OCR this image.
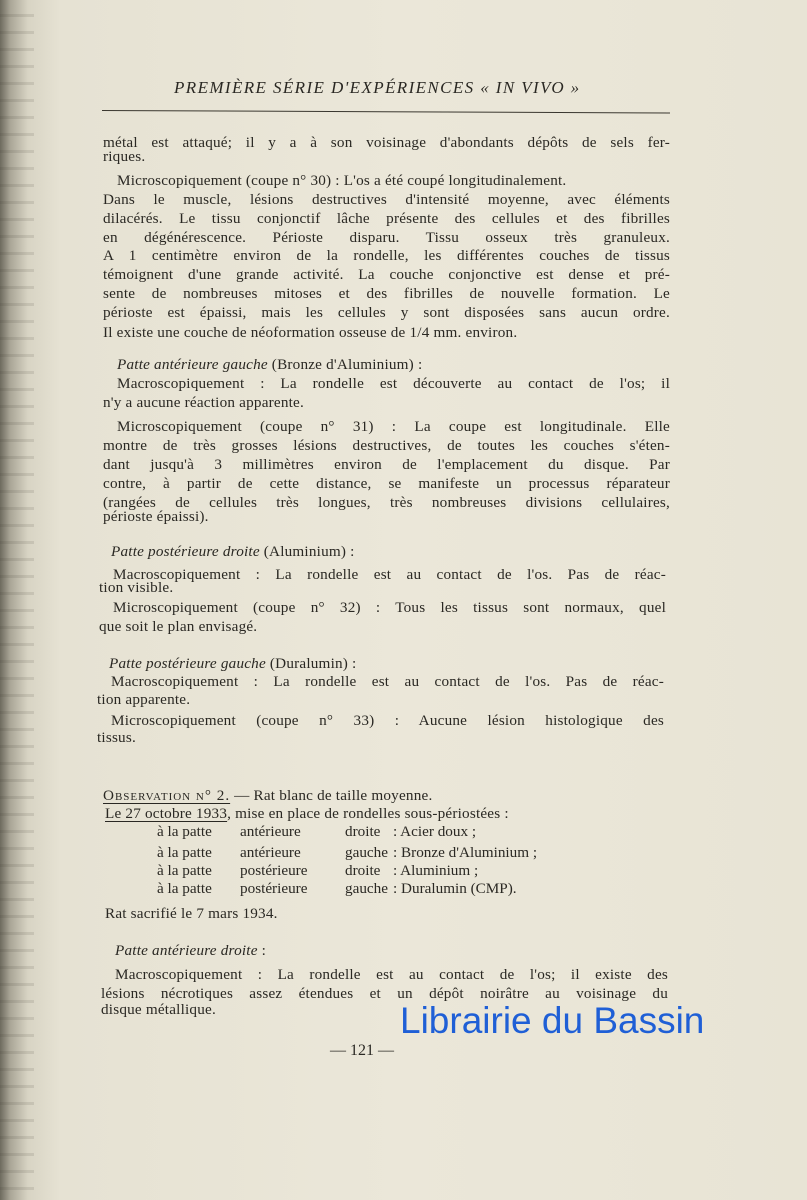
PREMIÈRE SÉRIE D'EXPÉRIENCES « IN VIVO »
métal est attaqué; il y a à son voisinage d'abondants dépôts de sels fer-
riques.
Microscopiquement (coupe n° 30) : L'os a été coupé longitudinalement.
Dans le muscle, lésions destructives d'intensité moyenne, avec éléments
dilacérés. Le tissu conjonctif lâche présente des cellules et des fibrilles
en dégénérescence. Périoste disparu. Tissu osseux très granuleux.
A 1 centimètre environ de la rondelle, les différentes couches de tissus
témoignent d'une grande activité. La couche conjonctive est dense et pré-
sente de nombreuses mitoses et des fibrilles de nouvelle formation. Le
périoste est épaissi, mais les cellules y sont disposées sans aucun ordre.
Il existe une couche de néoformation osseuse de 1/4 mm. environ.
Patte antérieure gauche (Bronze d'Aluminium) :
Macroscopiquement : La rondelle est découverte au contact de l'os; il
n'y a aucune réaction apparente.
Microscopiquement (coupe n° 31) : La coupe est longitudinale. Elle
montre de très grosses lésions destructives, de toutes les couches s'éten-
dant jusqu'à 3 millimètres environ de l'emplacement du disque. Par
contre, à partir de cette distance, se manifeste un processus réparateur
(rangées de cellules très longues, très nombreuses divisions cellulaires,
périoste épaissi).
Patte postérieure droite (Aluminium) :
Macroscopiquement : La rondelle est au contact de l'os. Pas de réac-
tion visible.
Microscopiquement (coupe n° 32) : Tous les tissus sont normaux, quel
que soit le plan envisagé.
Patte postérieure gauche (Duralumin) :
Macroscopiquement : La rondelle est au contact de l'os. Pas de réac-
tion apparente.
Microscopiquement (coupe n° 33) : Aucune lésion histologique des
tissus.
Observation n° 2. — Rat blanc de taille moyenne.
Le 27 octobre 1933, mise en place de rondelles sous-périostées :
à la patte antérieure	droite : Acier doux ;
à la patte antérieure	gauche : Bronze d'Aluminium ;
à la patte postérieure droite : Aluminium ;
à la patte postérieure gauche : Duralumin (CMP).
Rat sacrifié le 7 mars 1934.
Patte antérieure droite :
Macroscopiquement : La rondelle est au contact de l'os; il existe des
lésions nécrotiques assez étendues et un dépôt noirâtre au voisinage du
disque métallique.
— 121 —
Librairie du Bassin
